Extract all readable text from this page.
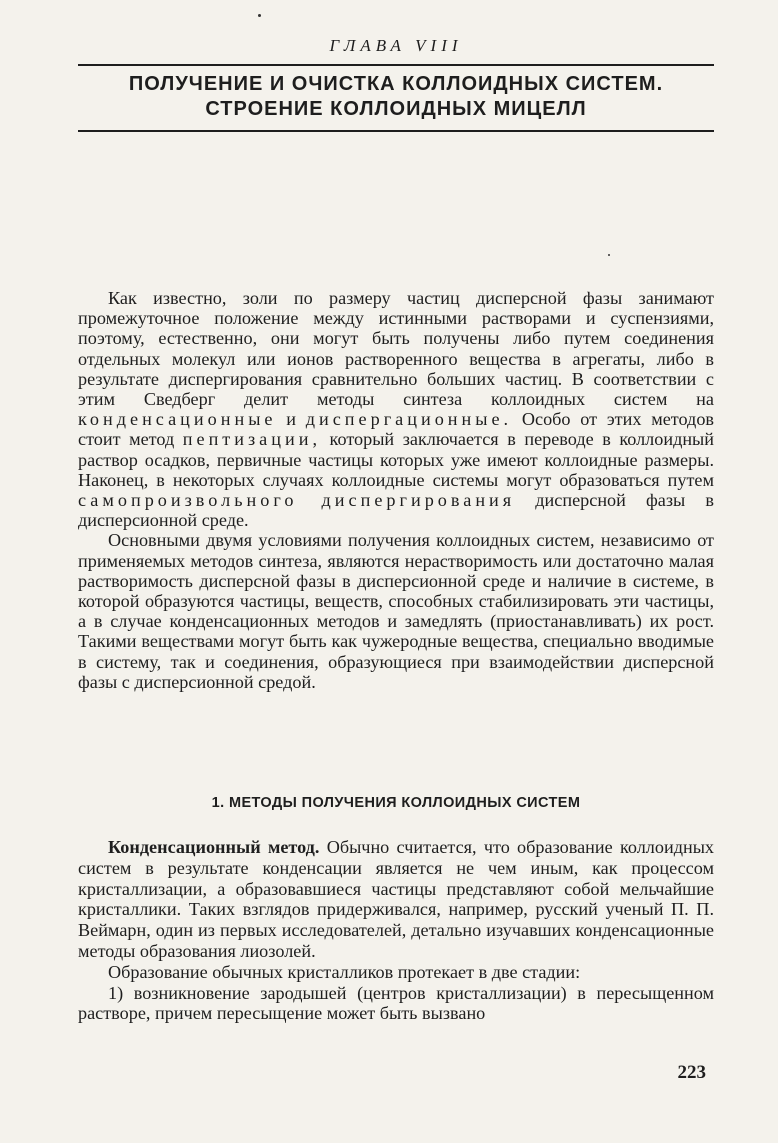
ГЛАВА VIII
ПОЛУЧЕНИЕ И ОЧИСТКА КОЛЛОИДНЫХ СИСТЕМ.
СТРОЕНИЕ КОЛЛОИДНЫХ МИЦЕЛЛ

Как известно, золи по размеру частиц дисперсной фазы занимают промежуточное положение между истинными растворами и суспензиями, поэтому, естественно, они могут быть получены либо путем соединения отдельных молекул или ионов растворенного вещества в агрегаты, либо в результате диспергирования сравнительно больших частиц. В соответствии с этим Сведберг делит методы синтеза коллоидных систем на конденсационные и диспергационные. Особо от этих методов стоит метод пептизации, который заключается в переводе в коллоидный раствор осадков, первичные частицы которых уже имеют коллоидные размеры. Наконец, в некоторых случаях коллоидные системы могут образоваться путем самопроизвольного диспергирования дисперсной фазы в дисперсионной среде.

Основными двумя условиями получения коллоидных систем, независимо от применяемых методов синтеза, являются нерастворимость или достаточно малая растворимость дисперсной фазы в дисперсионной среде и наличие в системе, в которой образуются частицы, веществ, способных стабилизировать эти частицы, а в случае конденсационных методов и замедлять (приостанавливать) их рост. Такими веществами могут быть как чужеродные вещества, специально вводимые в систему, так и соединения, образующиеся при взаимодействии дисперсной фазы с дисперсионной средой.

1. МЕТОДЫ ПОЛУЧЕНИЯ КОЛЛОИДНЫХ СИСТЕМ

Конденсационный метод. Обычно считается, что образование коллоидных систем в результате конденсации является не чем иным, как процессом кристаллизации, а образовавшиеся частицы представляют собой мельчайшие кристаллики. Таких взглядов придерживался, например, русский ученый П. П. Веймарн, один из первых исследователей, детально изучавших конденсационные методы образования лиозолей.

Образование обычных кристалликов протекает в две стадии:

1) возникновение зародышей (центров кристаллизации) в пересыщенном растворе, причем пересыщение может быть вызвано

223
